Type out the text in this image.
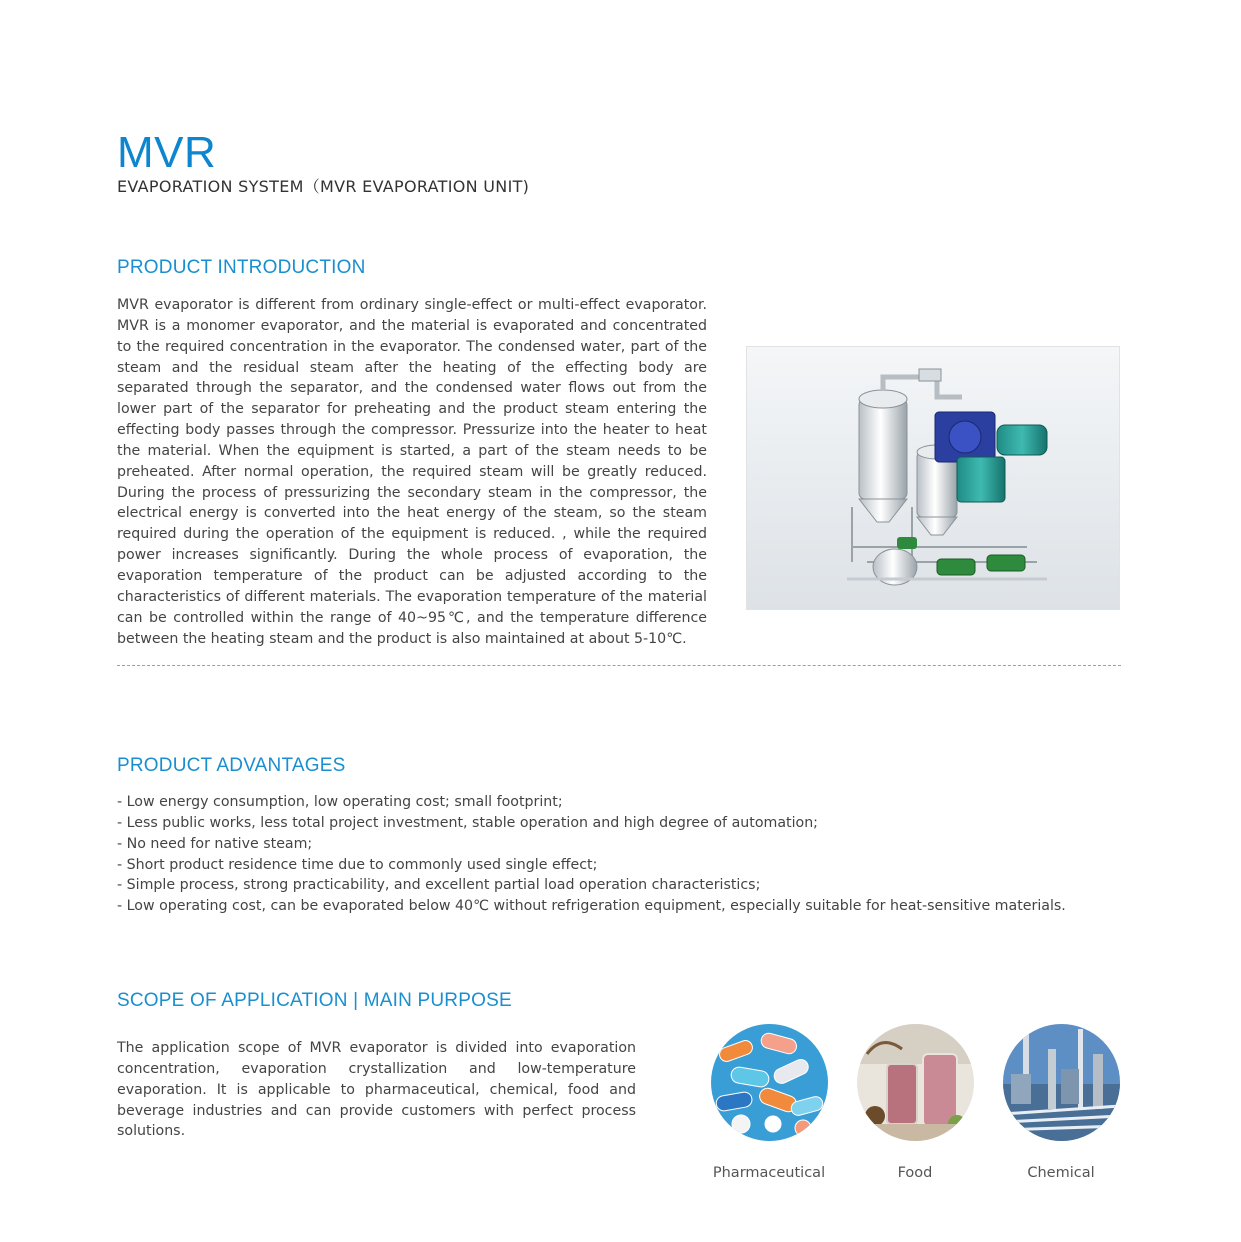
MVR
EVAPORATION SYSTEM（MVR EVAPORATION UNIT)
PRODUCT INTRODUCTION
MVR evaporator is different from ordinary single-effect or multi-effect evaporator. MVR is a monomer evaporator, and the material is evaporated and concentrated to the required concentration in the evaporator. The condensed water, part of the steam and the residual steam after the heating of the effecting body are separated through the separator, and the condensed water flows out from the lower part of the separator for preheating and the product steam entering the effecting body passes through the compressor. Pressurize into the heater to heat the material. When the equipment is started, a part of the steam needs to be preheated. After normal operation, the required steam will be greatly reduced. During the process of pressurizing the secondary steam in the compressor, the electrical energy is converted into the heat energy of the steam, so the steam required during the operation of the equipment is reduced. , while the required power increases significantly. During the whole process of evaporation, the evaporation temperature of the product can be adjusted according to the characteristics of different materials. The evaporation temperature of the material can be controlled within the range of 40~95℃, and the temperature difference between the heating steam and the product is also maintained at about 5-10℃.
PRODUCT ADVANTAGES
- Low energy consumption, low operating cost; small footprint;
- Less public works, less total project investment, stable operation and high degree of automation;
- No need for native steam;
- Short product residence time due to commonly used single effect;
- Simple process, strong practicability, and excellent partial load operation characteristics;
- Low operating cost, can be evaporated below 40℃ without refrigeration equipment, especially suitable for heat-sensitive materials.
SCOPE OF APPLICATION | MAIN PURPOSE
The application scope of MVR evaporator is divided into evaporation concentration, evaporation crystallization and low-temperature evaporation. It is applicable to pharmaceutical, chemical, food and beverage industries and can provide customers with perfect process solutions.
Pharmaceutical	Food	Chemical
